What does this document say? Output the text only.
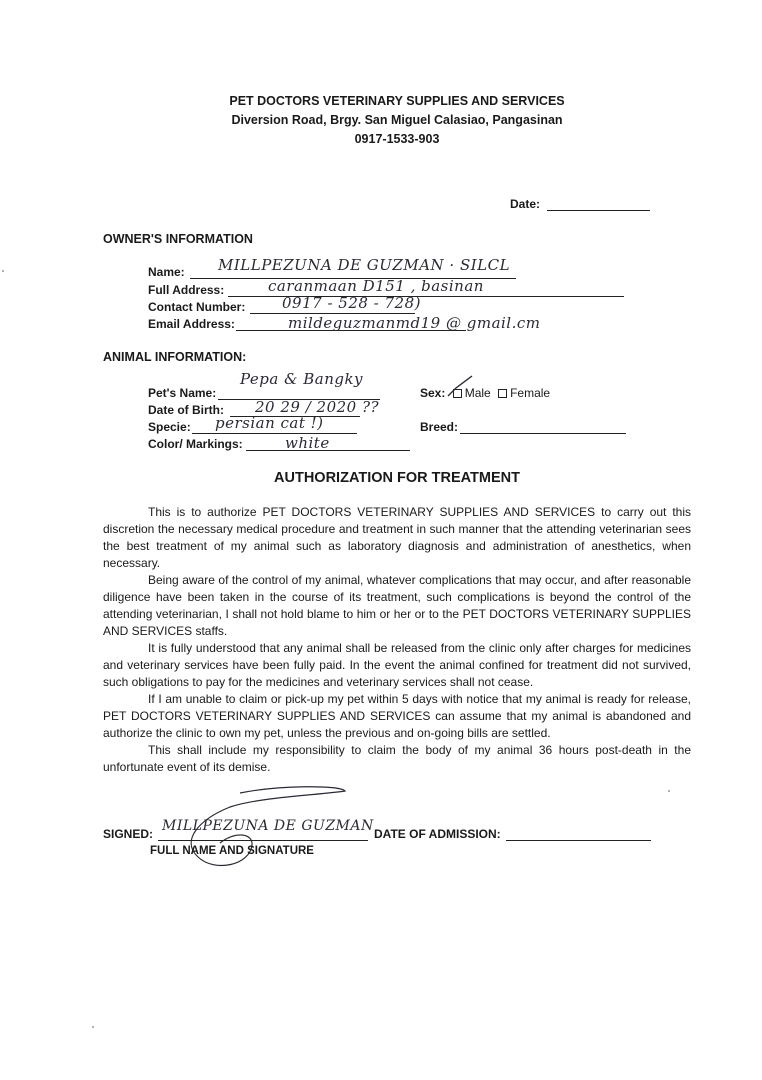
PET DOCTORS VETERINARY SUPPLIES AND SERVICES
Diversion Road, Brgy. San Miguel Calasiao, Pangasinan
0917-1533-903
Date:
OWNER'S INFORMATION
Name: MILLPEZUNA DE GUZMAN · SILCL
Full Address:	caranmaan D151 , basinan
Contact Number: 0917 - 528 - 728)
Email Address:	mildeguzmanmd19 @ gmail.cm
ANIMAL INFORMATION:
Pet's Name:
Pepa & Bangky
Date of Birth: 20 29 / 2020 ??
Specie: persian cat !)
Color/ Markings:	white
Sex: Male Female
Breed:
AUTHORIZATION FOR TREATMENT

This is to authorize PET DOCTORS VETERINARY SUPPLIES AND SERVICES to carry out this discretion the necessary medical procedure and treatment in such manner that the attending veterinarian sees the best treatment of my animal such as laboratory diagnosis and administration of anesthetics, when necessary.

Being aware of the control of my animal, whatever complications that may occur, and after reasonable diligence have been taken in the course of its treatment, such complications is beyond the control of the attending veterinarian, I shall not hold blame to him or her or to the PET DOCTORS VETERINARY SUPPLIES AND SERVICES staffs.

It is fully understood that any animal shall be released from the clinic only after charges for medicines and veterinary services have been fully paid. In the event the animal confined for treatment did not survived, such obligations to pay for the medicines and veterinary services shall not cease.

If I am unable to claim or pick-up my pet within 5 days with notice that my animal is ready for release, PET DOCTORS VETERINARY SUPPLIES AND SERVICES can assume that my animal is abandoned and authorize the clinic to own my pet, unless the previous and on-going bills are settled.

This shall include my responsibility to claim the body of my animal 36 hours post-death in the unfortunate event of its demise.

SIGNED: MILLPEZUNA DE GUZMAN DATE OF ADMISSION:
FULL NAME AND SIGNATURE
